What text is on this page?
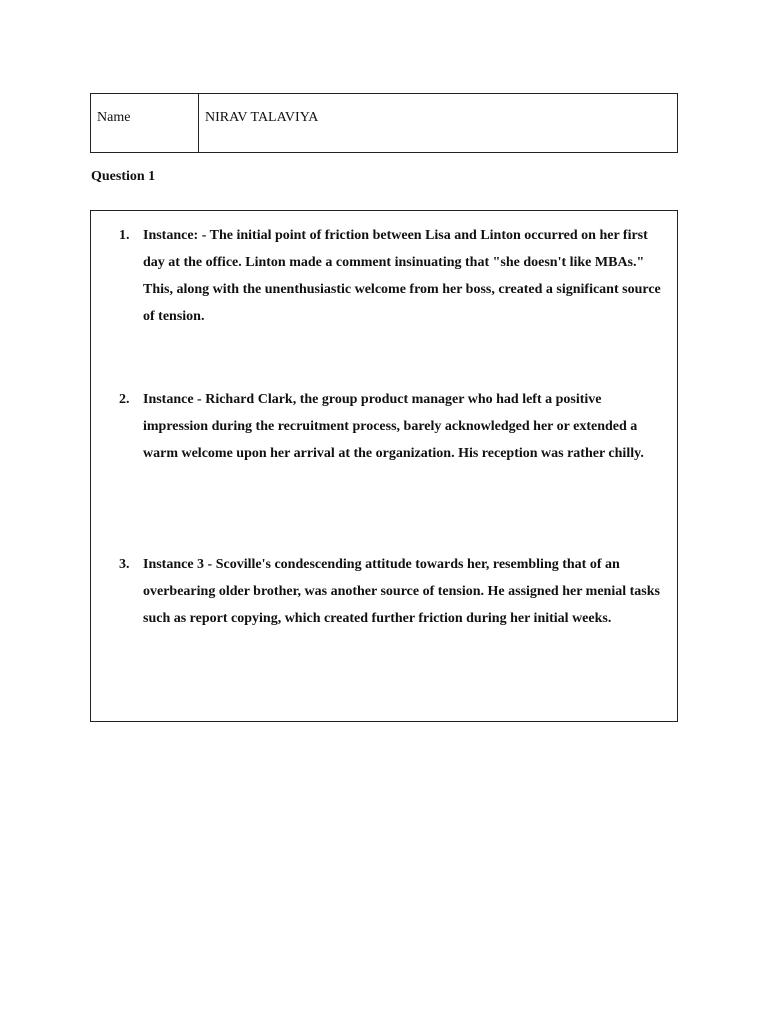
Name	NIRAV TALAVIYA
Question 1
1. Instance: - The initial point of friction between Lisa and Linton occurred on her first day at the office. Linton made a comment insinuating that "she doesn't like MBAs." This, along with the unenthusiastic welcome from her boss, created a significant source of tension.
2. Instance - Richard Clark, the group product manager who had left a positive impression during the recruitment process, barely acknowledged her or extended a warm welcome upon her arrival at the organization. His reception was rather chilly.
3. Instance 3 - Scoville's condescending attitude towards her, resembling that of an overbearing older brother, was another source of tension. He assigned her menial tasks such as report copying, which created further friction during her initial weeks.
